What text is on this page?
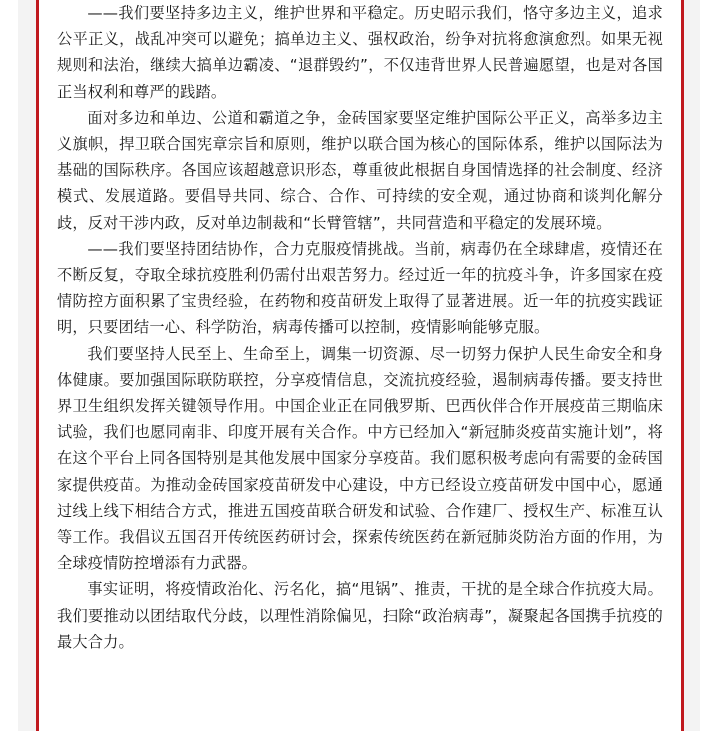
——我们要坚持多边主义，维护世界和平稳定。历史昭示我们，恪守多边主义，追求公平正义，战乱冲突可以避免；搞单边主义、强权政治，纷争对抗将愈演愈烈。如果无视规则和法治，继续大搞单边霸凌、“退群毁约”，不仅违背世界人民普遍愿望，也是对各国正当权利和尊严的践踏。

面对多边和单边、公道和霸道之争，金砖国家要坚定维护国际公平正义，高举多边主义旗帜，捍卫联合国宪章宗旨和原则，维护以联合国为核心的国际体系，维护以国际法为基础的国际秩序。各国应该超越意识形态，尊重彼此根据自身国情选择的社会制度、经济模式、发展道路。要倡导共同、综合、合作、可持续的安全观，通过协商和谈判化解分歧，反对干涉内政，反对单边制裁和“长臂管辖”，共同营造和平稳定的发展环境。

——我们要坚持团结协作，合力克服疫情挑战。当前，病毒仍在全球肆虐，疫情还在不断反复，夺取全球抗疫胜利仍需付出艰苦努力。经过近一年的抗疫斗争，许多国家在疫情防控方面积累了宝贵经验，在药物和疫苗研发上取得了显著进展。近一年的抗疫实践证明，只要团结一心、科学防治，病毒传播可以控制，疫情影响能够克服。

我们要坚持人民至上、生命至上，调集一切资源、尽一切努力保护人民生命安全和身体健康。要加强国际联防联控，分享疫情信息，交流抗疫经验，遏制病毒传播。要支持世界卫生组织发挥关键领导作用。中国企业正在同俄罗斯、巴西伙伴合作开展疫苗三期临床试验，我们也愿同南非、印度开展有关合作。中方已经加入“新冠肺炎疫苗实施计划”，将在这个平台上同各国特别是其他发展中国家分享疫苗。我们愿积极考虑向有需要的金砖国家提供疫苗。为推动金砖国家疫苗研发中心建设，中方已经设立疫苗研发中国中心，愿通过线上线下相结合方式，推进五国疫苗联合研发和试验、合作建厂、授权生产、标准互认等工作。我倡议五国召开传统医药研讨会，探索传统医药在新冠肺炎防治方面的作用，为全球疫情防控增添有力武器。

事实证明，将疫情政治化、污名化，搞“甩锅”、推责，干扰的是全球合作抗疫大局。我们要推动以团结取代分歧，以理性消除偏见，扫除“政治病毒”，凝聚起各国携手抗疫的最大合力。
